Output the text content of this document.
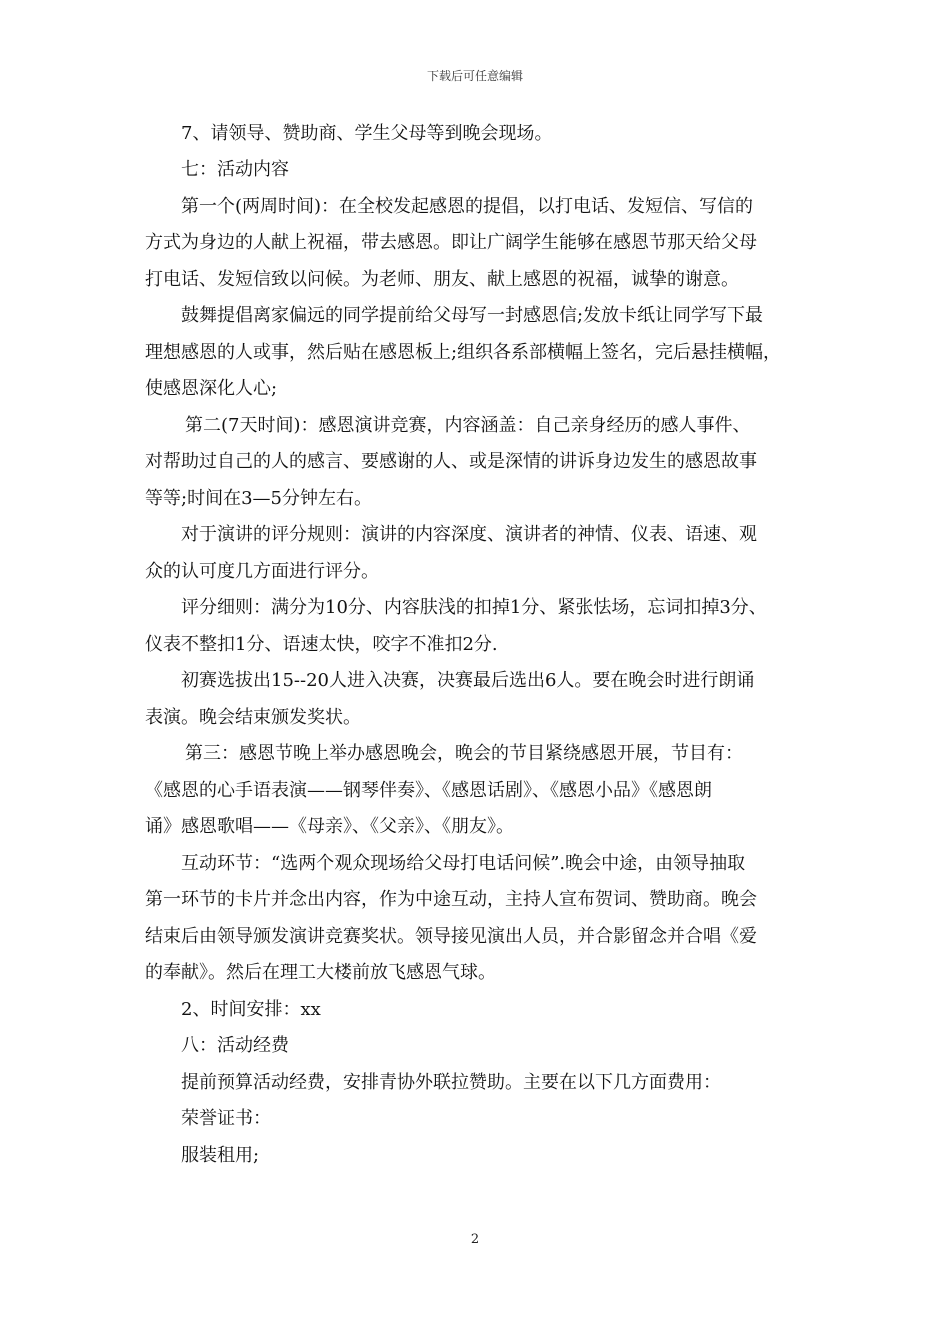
下载后可任意编辑
7、请领导、赞助商、学生父母等到晚会现场。
七：活动内容
第一个(两周时间)：在全校发起感恩的提倡，以打电话、发短信、写信的
方式为身边的人献上祝福，带去感恩。即让广阔学生能够在感恩节那天给父母
打电话、发短信致以问候。为老师、朋友、献上感恩的祝福，诚挚的谢意。
鼓舞提倡离家偏远的同学提前给父母写一封感恩信;发放卡纸让同学写下最
理想感恩的人或事，然后贴在感恩板上;组织各系部横幅上签名，完后悬挂横幅，
使感恩深化人心;
第二(7天时间)：感恩演讲竞赛，内容涵盖：自己亲身经历的感人事件、
对帮助过自己的人的感言、要感谢的人、或是深情的讲诉身边发生的感恩故事
等等;时间在3—5分钟左右。
对于演讲的评分规则：演讲的内容深度、演讲者的神情、仪表、语速、观
众的认可度几方面进行评分。
评分细则：满分为10分、内容肤浅的扣掉1分、紧张怯场，忘词扣掉3分、
仪表不整扣1分、语速太快，咬字不准扣2分.
初赛选拔出15--20人进入决赛，决赛最后选出6人。要在晚会时进行朗诵
表演。晚会结束颁发奖状。
第三：感恩节晚上举办感恩晚会，晚会的节目紧绕感恩开展，节目有：
《感恩的心手语表演——钢琴伴奏》、《感恩话剧》、《感恩小品》《感恩朗
诵》感恩歌唱——《母亲》、《父亲》、《朋友》。
互动环节：“选两个观众现场给父母打电话问候”.晚会中途，由领导抽取
第一环节的卡片并念出内容，作为中途互动，主持人宣布贺词、赞助商。晚会
结束后由领导颁发演讲竞赛奖状。领导接见演出人员，并合影留念并合唱《爱
的奉献》。然后在理工大楼前放飞感恩气球。
2、时间安排：xx
八：活动经费
提前预算活动经费，安排青协外联拉赞助。主要在以下几方面费用：
荣誉证书：
服装租用;
2
